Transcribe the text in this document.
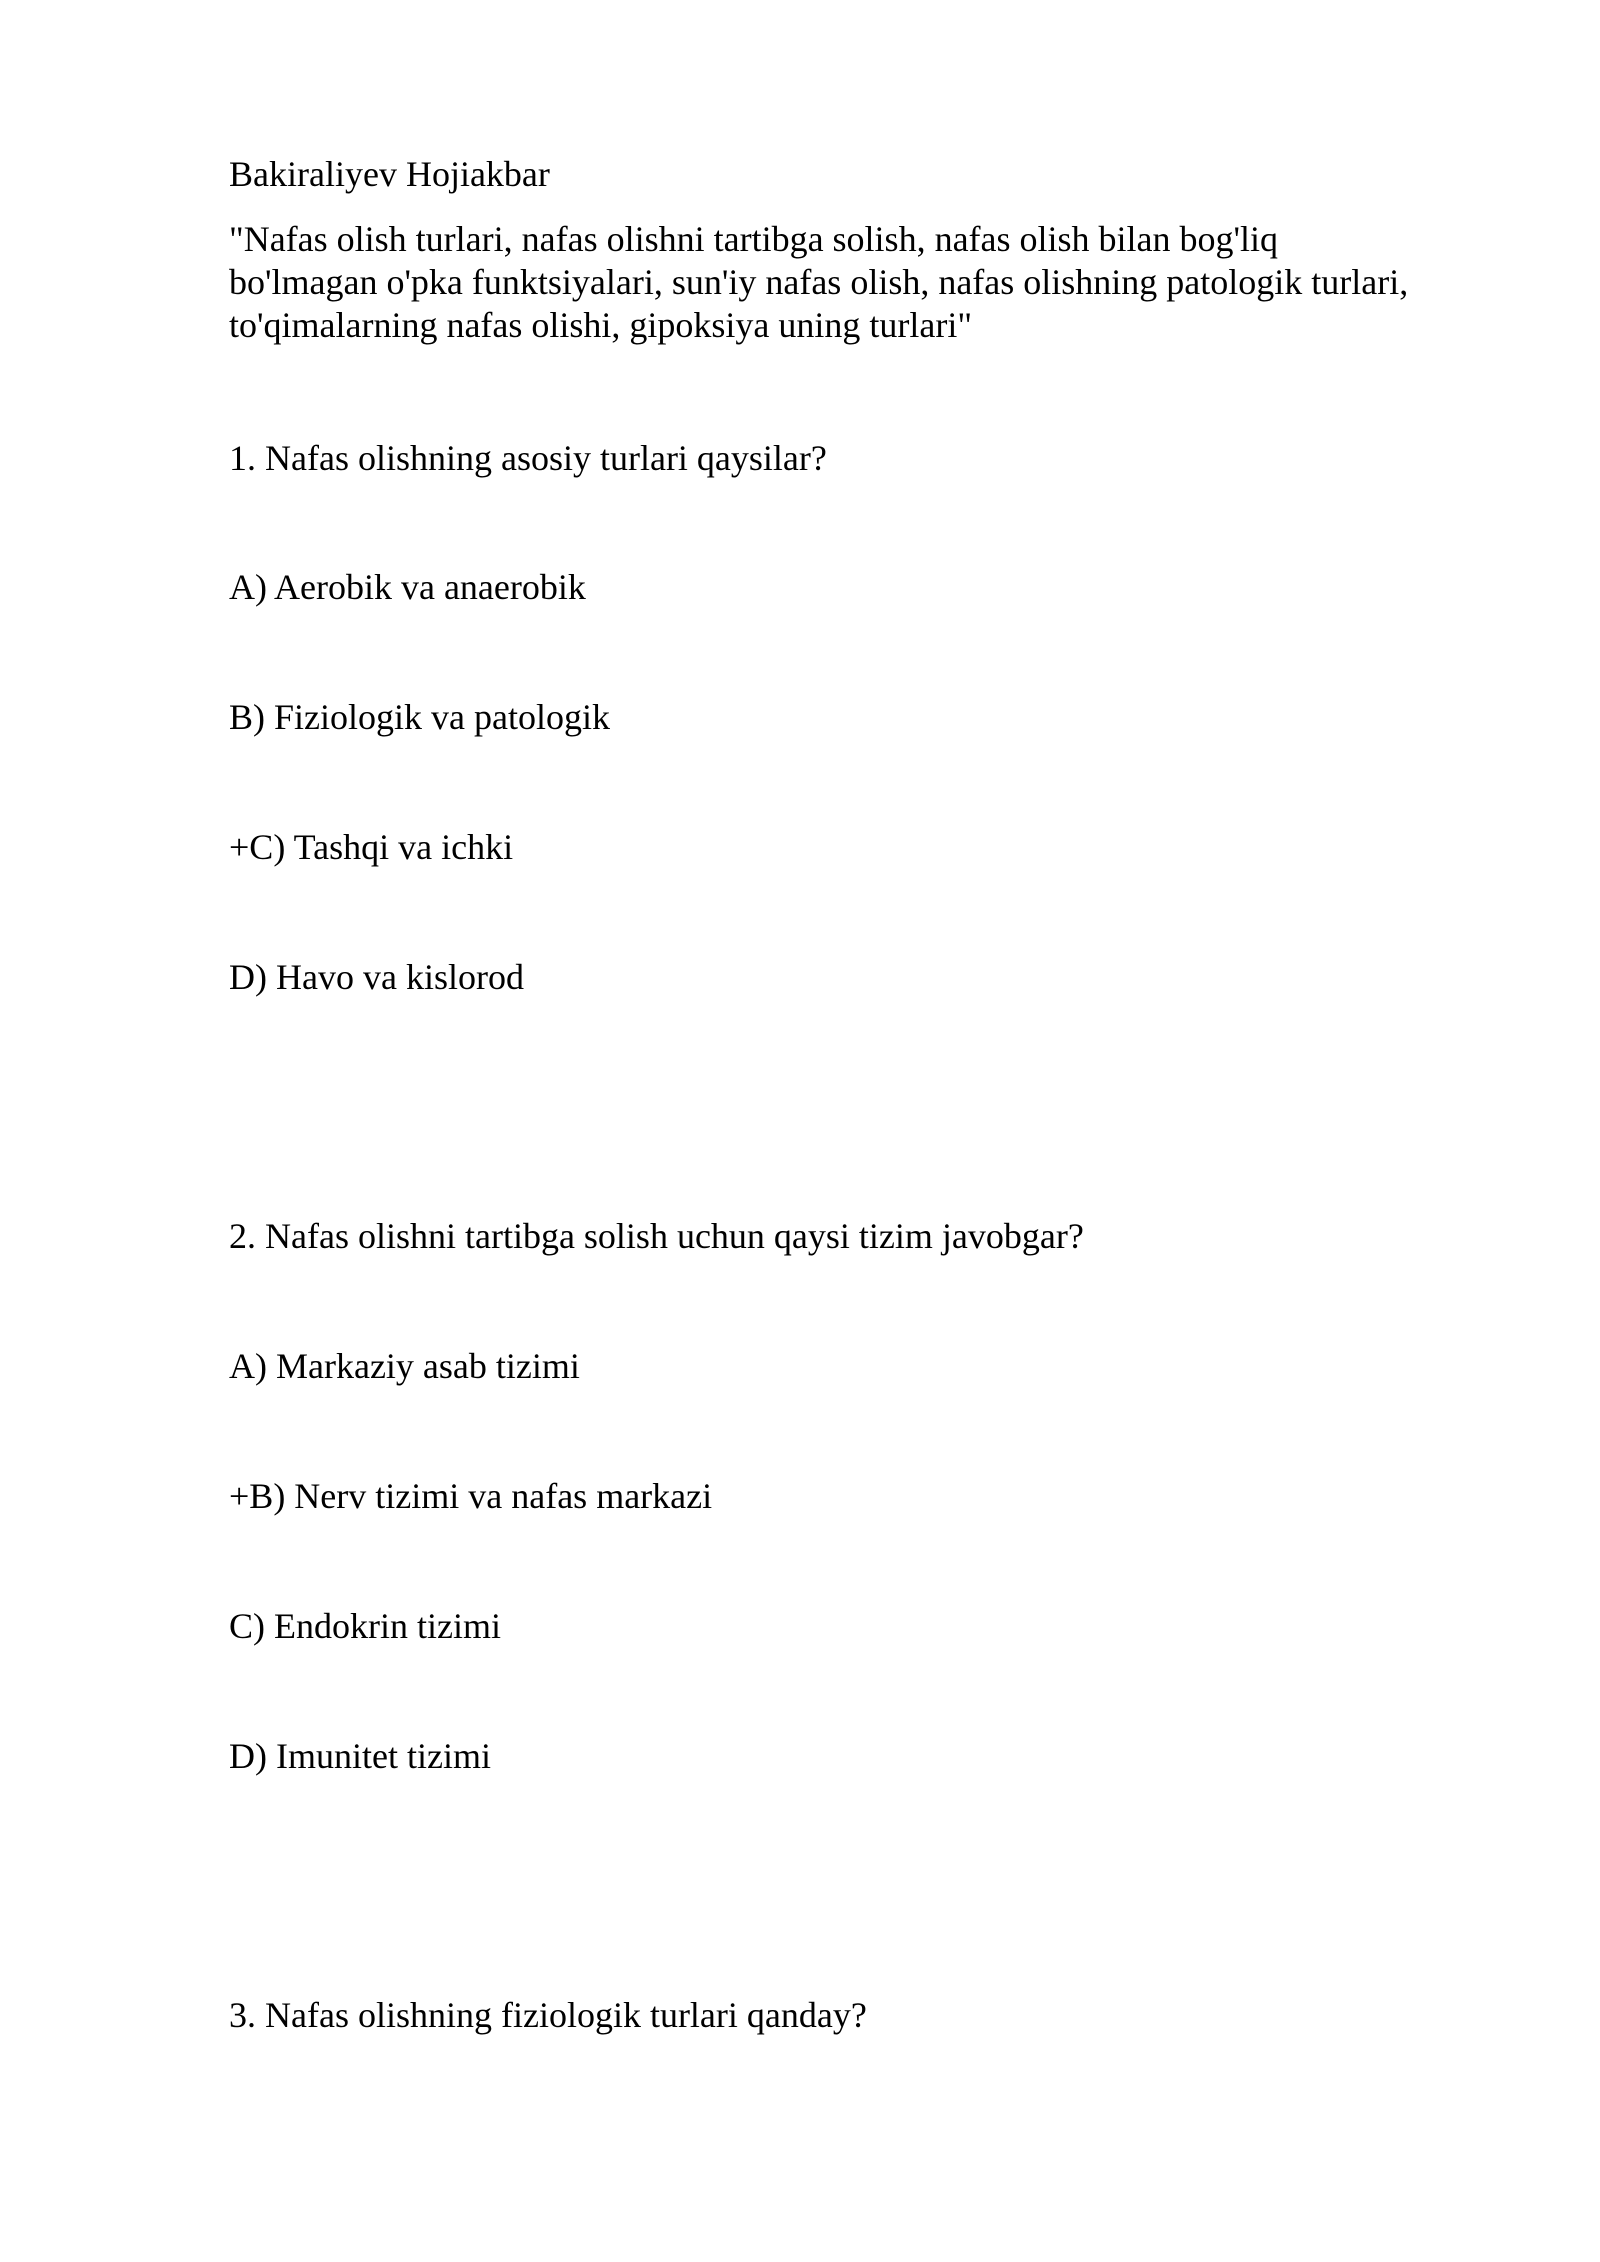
Bakiraliyev Hojiakbar
"Nafas olish turlari, nafas olishni tartibga solish, nafas olish bilan bog'liq
bo'lmagan o'pka funktsiyalari, sun'iy nafas olish, nafas olishning patologik turlari,
to'qimalarning nafas olishi, gipoksiya uning turlari"
1. Nafas olishning asosiy turlari qaysilar?
A) Aerobik va anaerobik
B) Fiziologik va patologik
+C) Tashqi va ichki
D) Havo va kislorod
2. Nafas olishni tartibga solish uchun qaysi tizim javobgar?
A) Markaziy asab tizimi
+B) Nerv tizimi va nafas markazi
C) Endokrin tizimi
D) Imunitet tizimi
3. Nafas olishning fiziologik turlari qanday?
